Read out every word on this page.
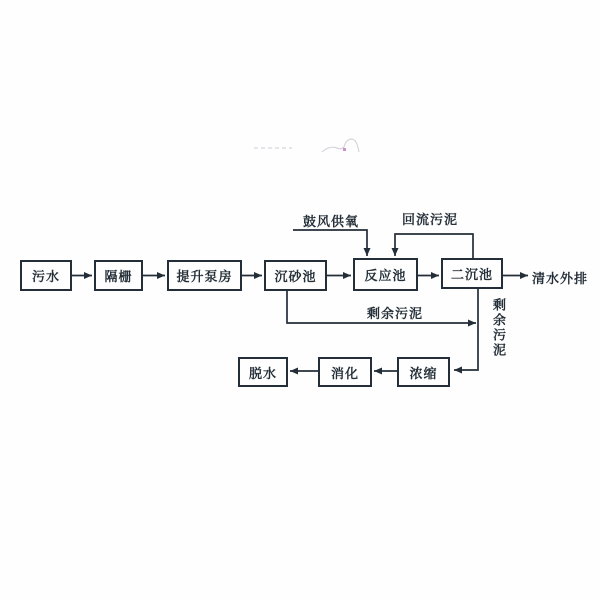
污水	隔栅	提升泵房	沉砂池	反应池	二沉池
浓缩
消化
脱水
鼓风供氧	回流污泥
剩余污泥	剩余污泥
清水外排
